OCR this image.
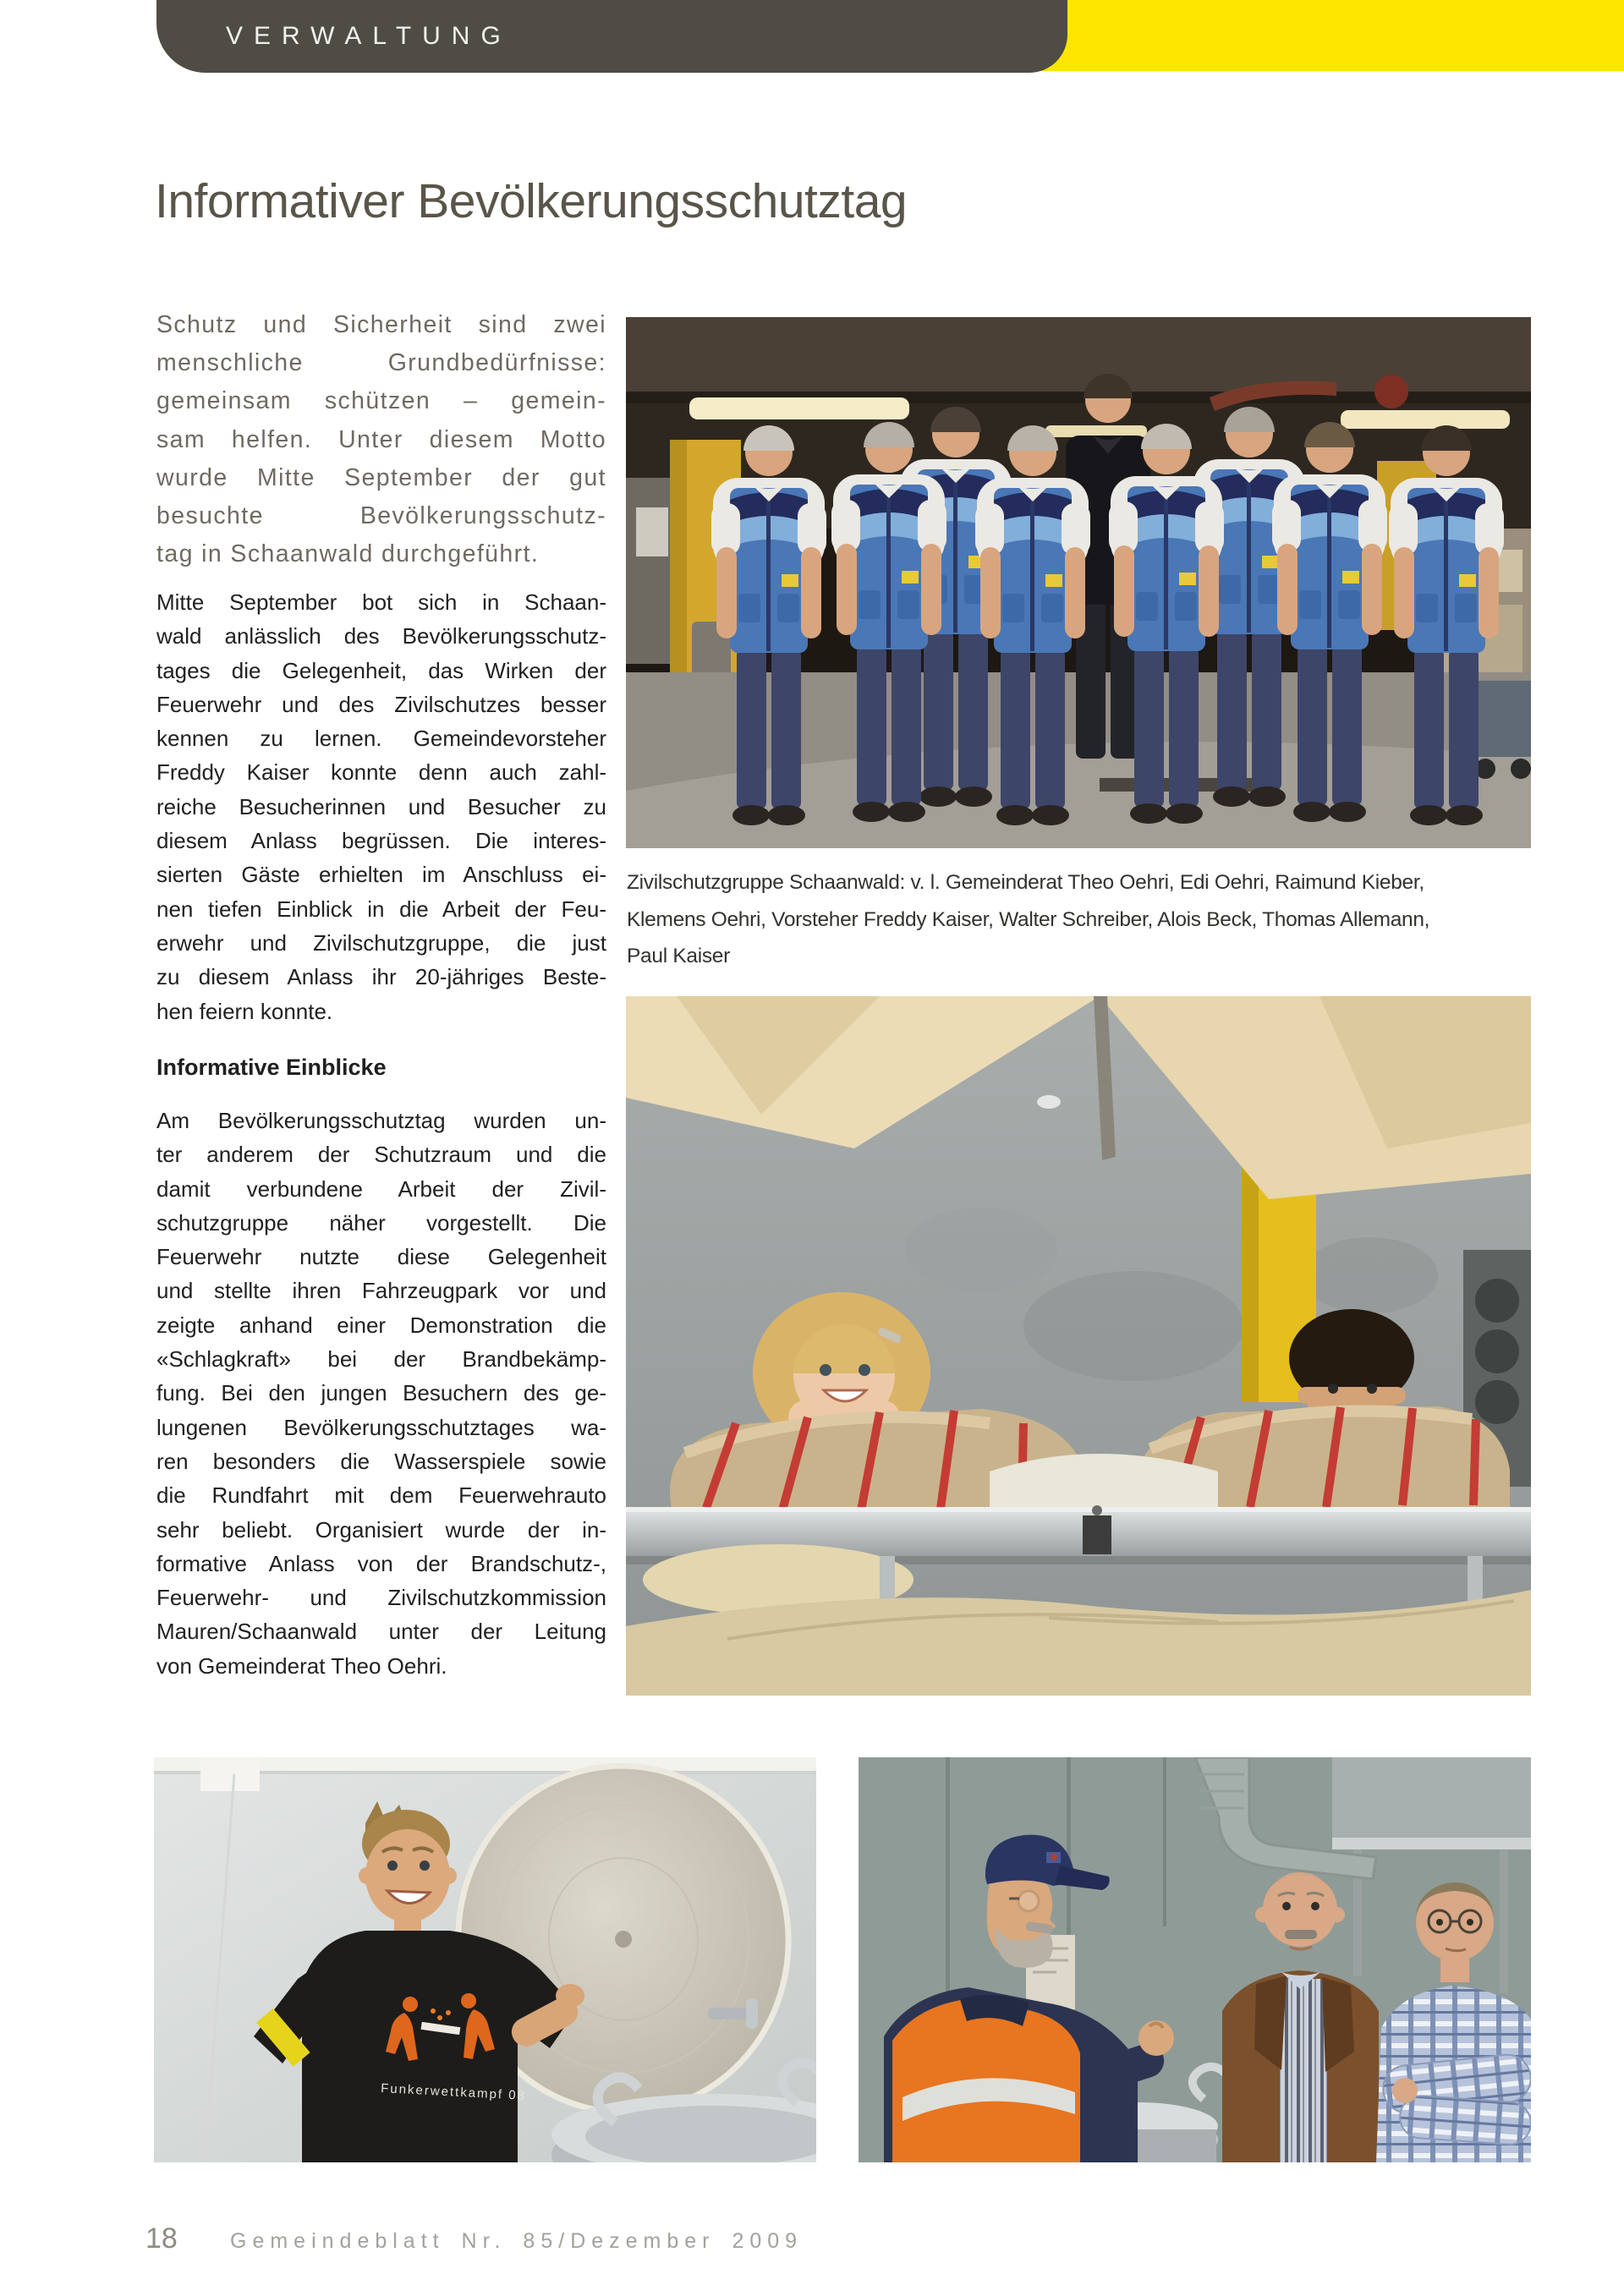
VERWALTUNG
Informativer Bevölkerungsschutztag
Schutz und Sicherheit sind zwei
menschliche Grundbedürfnisse:
gemeinsam schützen – gemein-
sam helfen. Unter diesem Motto
wurde Mitte September der gut
besuchte Bevölkerungsschutz-
tag in Schaanwald durchgeführt.
Mitte September bot sich in Schaan-
wald anlässlich des Bevölkerungsschutz-
tages die Gelegenheit, das Wirken der
Feuerwehr und des Zivilschutzes besser
kennen zu lernen. Gemeindevorsteher
Freddy Kaiser konnte denn auch zahl-
reiche Besucherinnen und Besucher zu
diesem Anlass begrüssen. Die interes-
sierten Gäste erhielten im Anschluss ei-
nen tiefen Einblick in die Arbeit der Feu-
erwehr und Zivilschutzgruppe, die just
zu diesem Anlass ihr 20-jähriges Beste-
hen feiern konnte.
Informative Einblicke
Am Bevölkerungsschutztag wurden un-
ter anderem der Schutzraum und die
damit verbundene Arbeit der Zivil-
schutzgruppe näher vorgestellt. Die
Feuerwehr nutzte diese Gelegenheit
und stellte ihren Fahrzeugpark vor und
zeigte anhand einer Demonstration die
«Schlagkraft» bei der Brandbekämp-
fung. Bei den jungen Besuchern des ge-
lungenen Bevölkerungsschutztages wa-
ren besonders die Wasserspiele sowie
die Rundfahrt mit dem Feuerwehrauto
sehr beliebt. Organisiert wurde der in-
formative Anlass von der Brandschutz-,
Feuerwehr- und Zivilschutzkommission
Mauren/Schaanwald unter der Leitung
von Gemeinderat Theo Oehri.
Zivilschutzgruppe Schaanwald: v. l. Gemeinderat Theo Oehri, Edi Oehri, Raimund Kieber,
Klemens Oehri, Vorsteher Freddy Kaiser, Walter Schreiber, Alois Beck, Thomas Allemann,
Paul Kaiser
Funkerwettkampf 08
18 Gemeindeblatt Nr. 85/Dezember 2009
